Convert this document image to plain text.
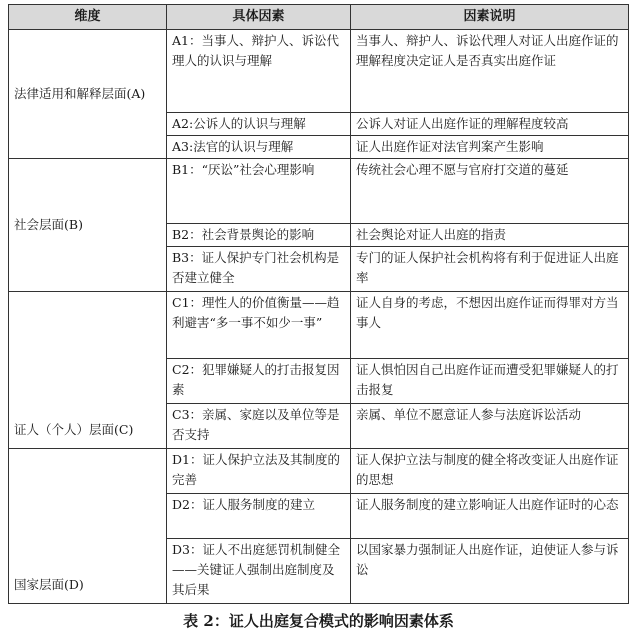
维度	具体因素	因素说明

法律适用和解释层面(A)	A1：当事人、辩护人、诉讼代理人的认识与理解	当事人、辩护人、诉讼代理人对证人出庭作证的理解程度决定证人是否真实出庭作证
	A2:公诉人的认识与理解	公诉人对证人出庭作证的理解程度较高
	A3:法官的认识与理解	证人出庭作证对法官判案产生影响

社会层面(B)	B1：“厌讼”社会心理影响	传统社会心理不愿与官府打交道的蔓延
	B2：社会背景舆论的影响	社会舆论对证人出庭的指责
	B3：证人保护专门社会机构是否建立健全	专门的证人保护社会机构将有利于促进证人出庭率

证人（个人）层面(C)	C1：理性人的价值衡量——趋利避害“多一事不如少一事”	证人自身的考虑，不想因出庭作证而得罪对方当事人
	C2：犯罪嫌疑人的打击报复因素	证人惧怕因自己出庭作证而遭受犯罪嫌疑人的打击报复
	C3：亲属、家庭以及单位等是否支持	亲属、单位不愿意证人参与法庭诉讼活动

国家层面(D)	D1：证人保护立法及其制度的完善	证人保护立法与制度的健全将改变证人出庭作证的思想
	D2：证人服务制度的建立	证人服务制度的建立影响证人出庭作证时的心态
	D3：证人不出庭惩罚机制健全——关键证人强制出庭制度及其后果	以国家暴力强制证人出庭作证，迫使证人参与诉讼
表 2：证人出庭复合模式的影响因素体系
